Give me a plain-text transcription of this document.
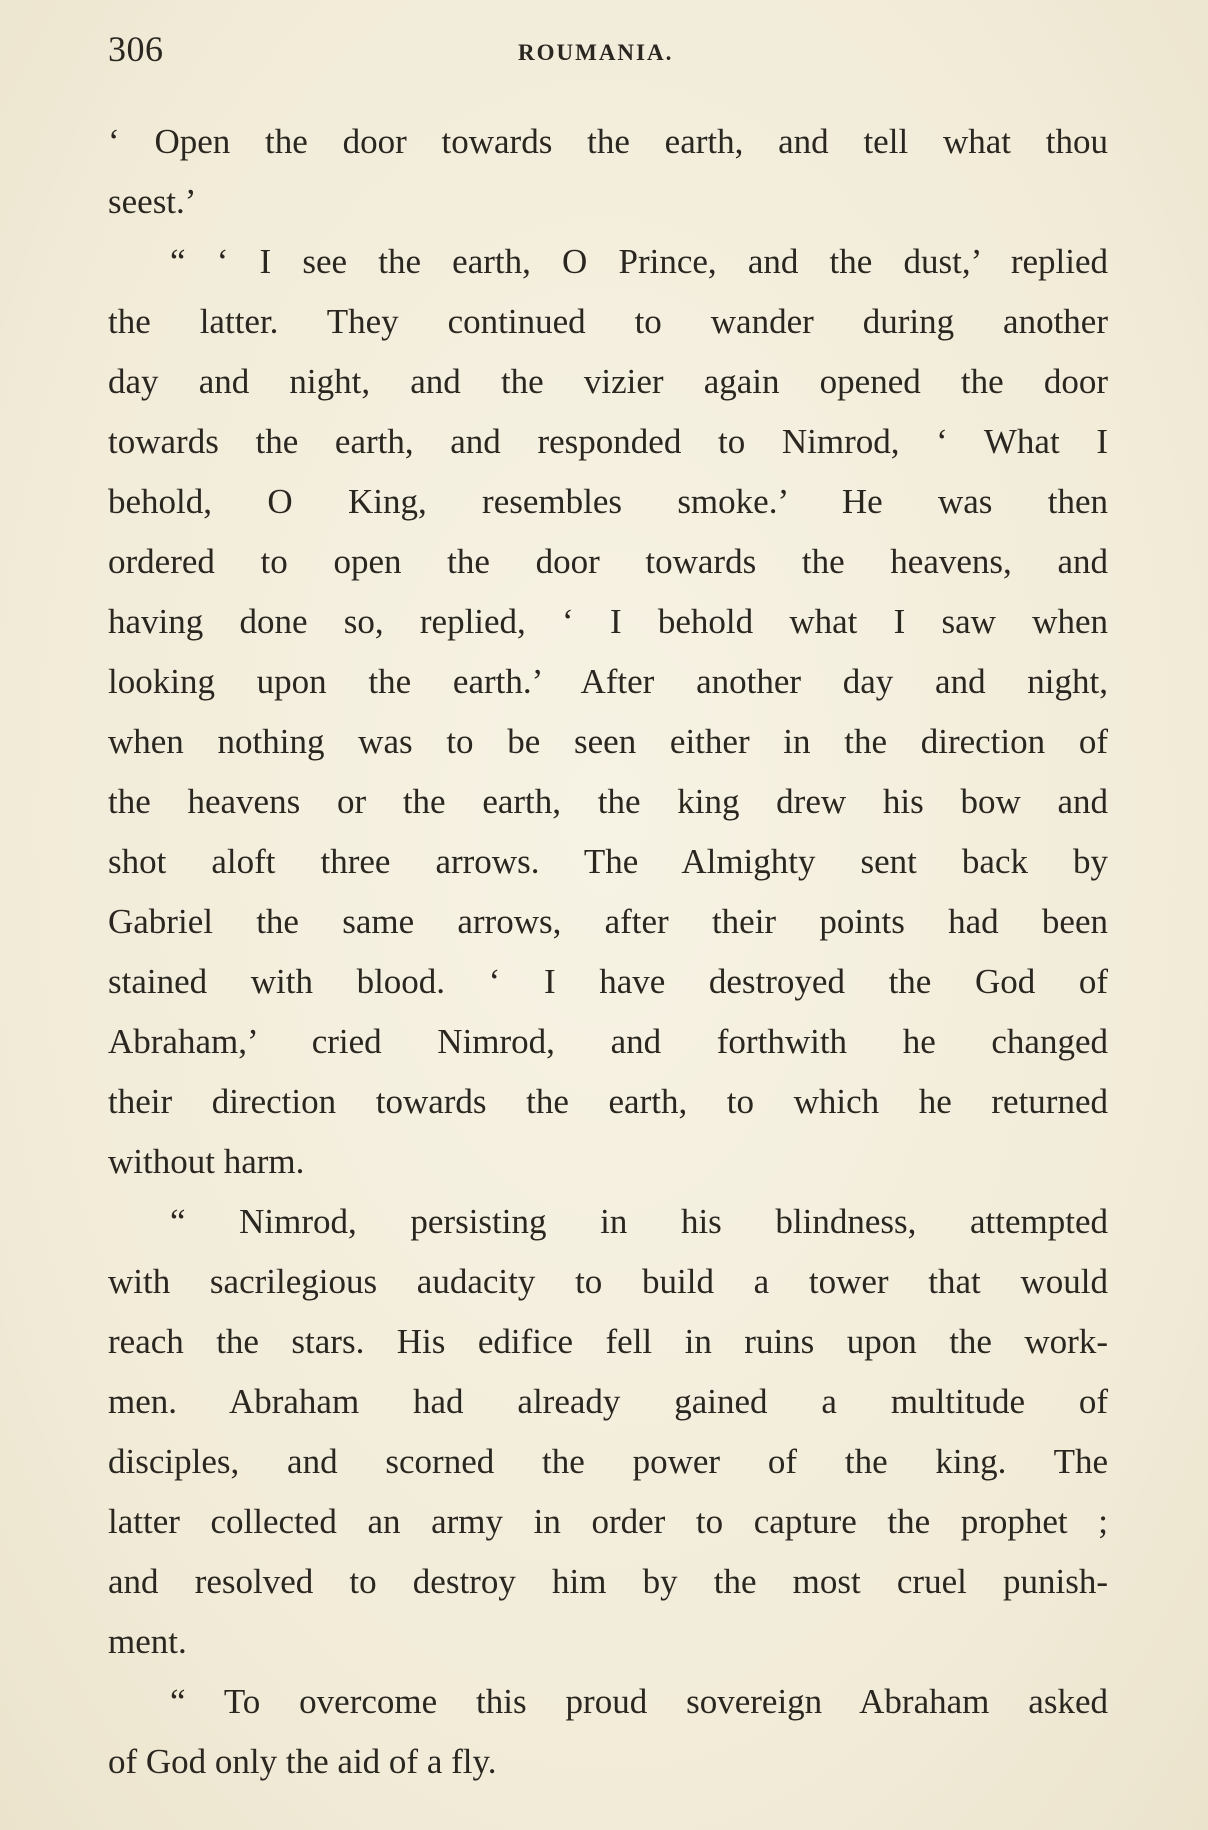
306	ROUMANIA.
‘ Open the door towards the earth, and tell what thou
seest.’
“ ‘ I see the earth, O Prince, and the dust,’ replied
the latter. They continued to wander during another
day and night, and the vizier again opened the door
towards the earth, and responded to Nimrod, ‘ What I
behold, O King, resembles smoke.’ He was then
ordered to open the door towards the heavens, and
having done so, replied, ‘ I behold what I saw when
looking upon the earth.’ After another day and night,
when nothing was to be seen either in the direction of
the heavens or the earth, the king drew his bow and
shot aloft three arrows. The Almighty sent back by
Gabriel the same arrows, after their points had been
stained with blood. ‘ I have destroyed the God of
Abraham,’ cried Nimrod, and forthwith he changed
their direction towards the earth, to which he returned
without harm.
“ Nimrod, persisting in his blindness, attempted
with sacrilegious audacity to build a tower that would
reach the stars. His edifice fell in ruins upon the work-
men. Abraham had already gained a multitude of
disciples, and scorned the power of the king. The
latter collected an army in order to capture the prophet ;
and resolved to destroy him by the most cruel punish-
ment.
“ To overcome this proud sovereign Abraham asked
of God only the aid of a fly.
